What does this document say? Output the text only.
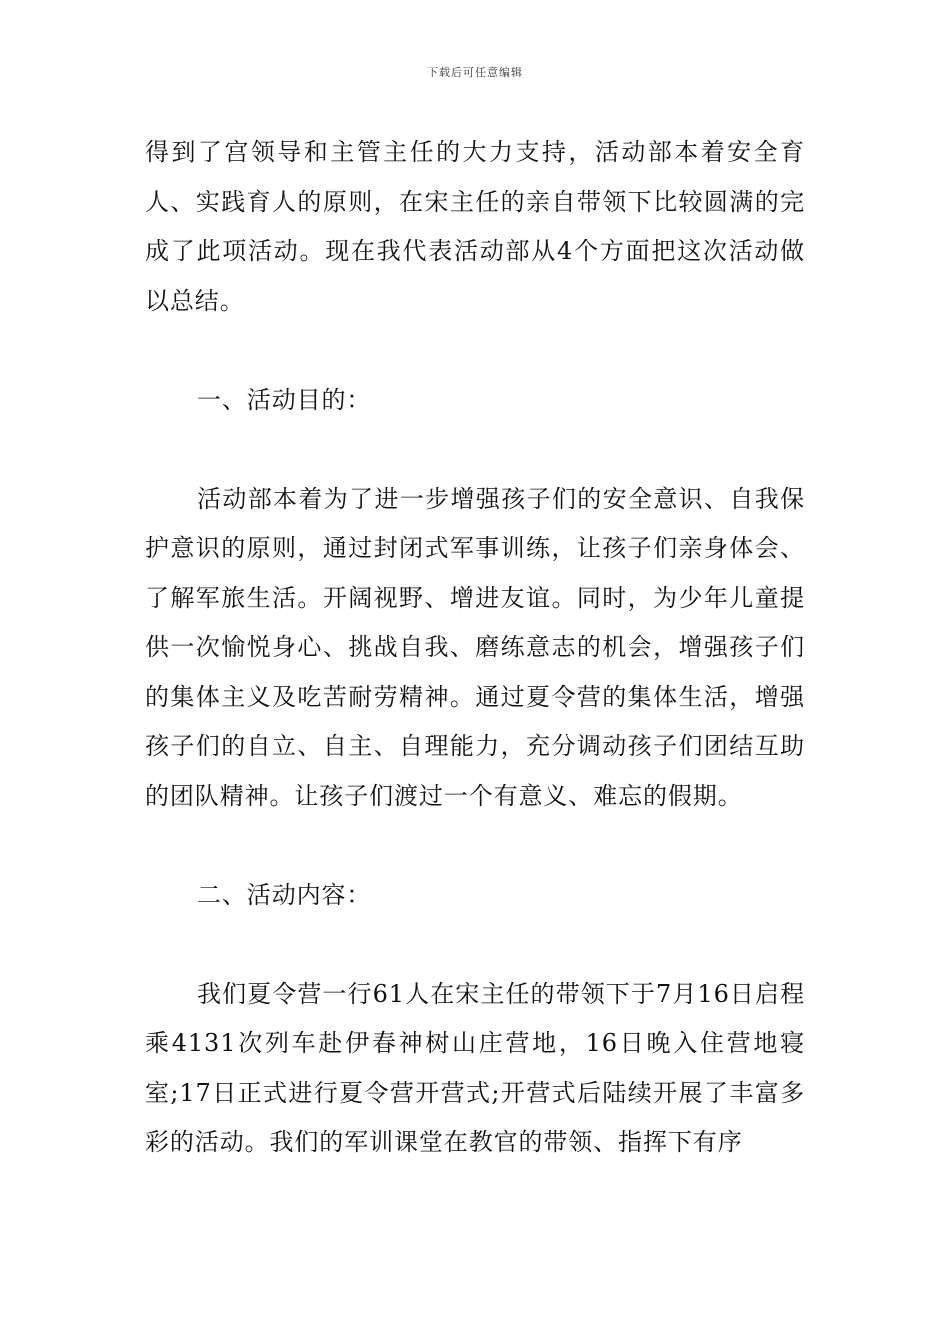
下载后可任意编辑

得到了宫领导和主管主任的大力支持，活动部本着安全育人、实践育人的原则，在宋主任的亲自带领下比较圆满的完成了此项活动。现在我代表活动部从4个方面把这次活动做以总结。

一、活动目的：

活动部本着为了进一步增强孩子们的安全意识、自我保护意识的原则，通过封闭式军事训练，让孩子们亲身体会、了解军旅生活。开阔视野、增进友谊。同时，为少年儿童提供一次愉悦身心、挑战自我、磨练意志的机会，增强孩子们的集体主义及吃苦耐劳精神。通过夏令营的集体生活，增强孩子们的自立、自主、自理能力，充分调动孩子们团结互助的团队精神。让孩子们渡过一个有意义、难忘的假期。

二、活动内容：

我们夏令营一行61人在宋主任的带领下于7月16日启程乘4131次列车赴伊春神树山庄营地，16日晚入住营地寝室;17日正式进行夏令营开营式;开营式后陆续开展了丰富多彩的活动。我们的军训课堂在教官的带领、指挥下有序
